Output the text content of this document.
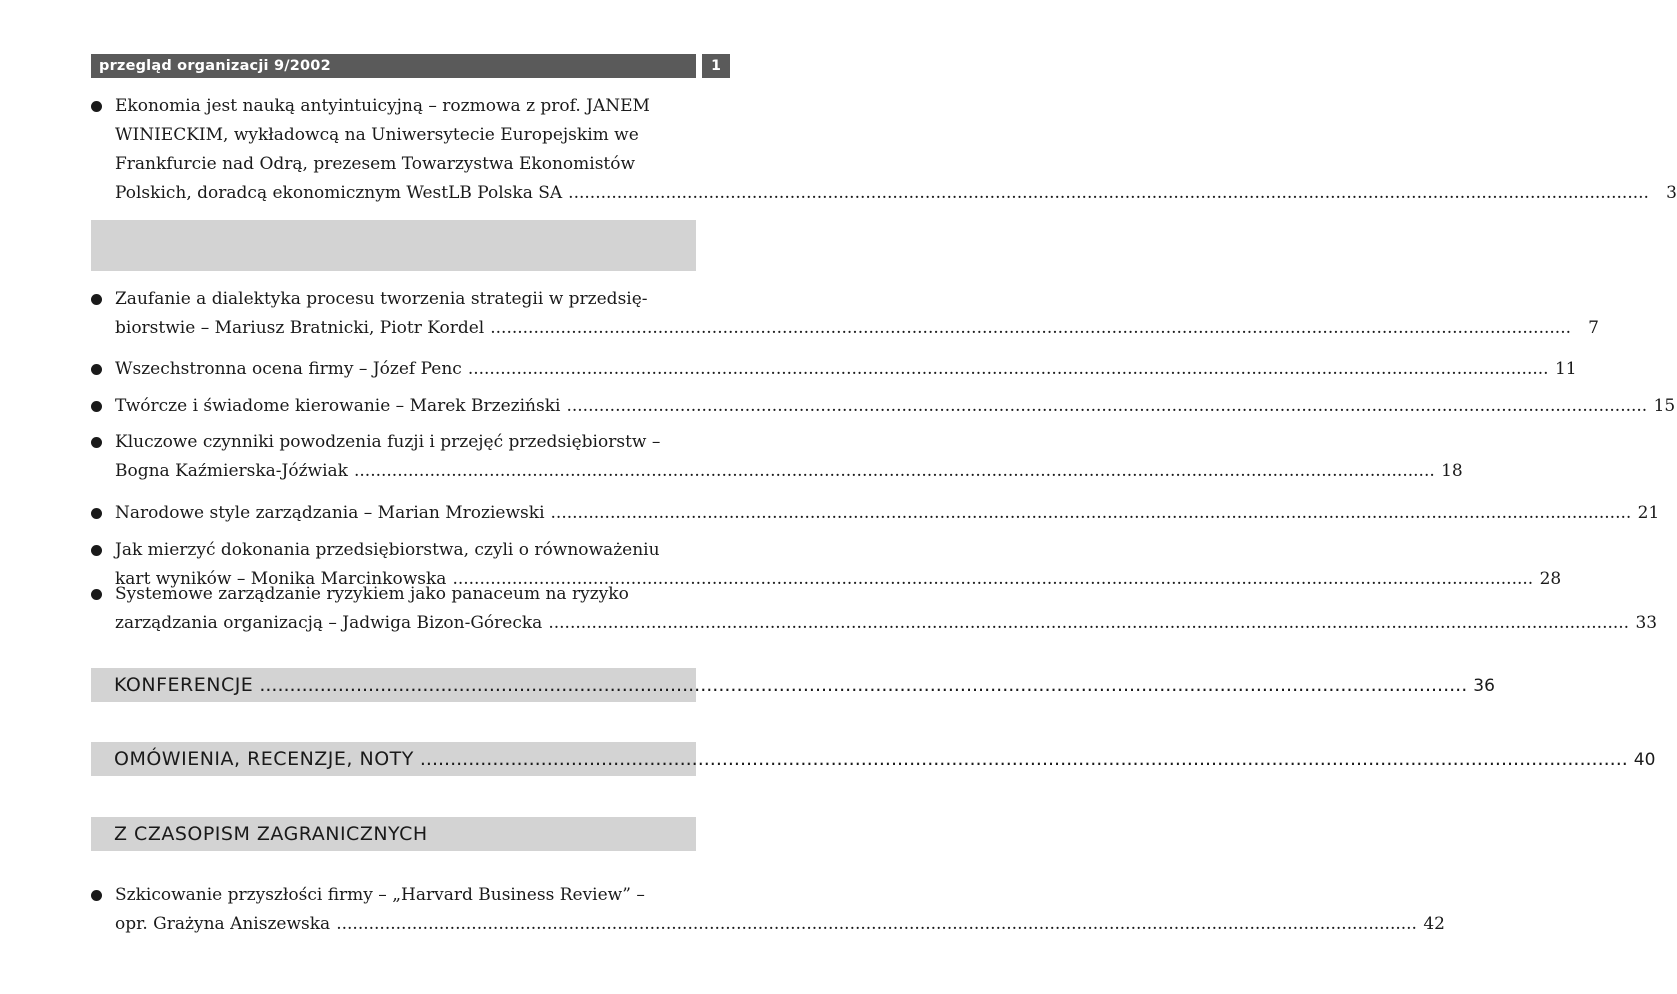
przegląd organizacji 9/2002	1
Ekonomia jest nauką antyintuicyjną – rozmowa z prof. JANEM
WINIECKIM, wykładowcą na Uniwersytecie Europejskim we
Frankfurcie nad Odrą, prezesem Towarzystwa Ekonomistów
Polskich, doradcą ekonomicznym WestLB Polska SA ........................................................................................................................................................................................................	3
Zaufanie a dialektyka procesu tworzenia strategii w przedsię-
biorstwie – Mariusz Bratnicki, Piotr Kordel ........................................................................................................................................................................................................	7
Wszechstronna ocena firmy – Józef Penc ........................................................................................................................................................................................................ 11
Twórcze i świadome kierowanie – Marek Brzeziński ........................................................................................................................................................................................................ 15
Kluczowe czynniki powodzenia fuzji i przejęć przedsiębiorstw –
Bogna Kaźmierska-Jóźwiak ........................................................................................................................................................................................................ 18
Narodowe style zarządzania – Marian Mroziewski ........................................................................................................................................................................................................ 21
Jak mierzyć dokonania przedsiębiorstwa, czyli o równoważeniu
kart wyników – Monika Marcinkowska ........................................................................................................................................................................................................ 28
Systemowe zarządzanie ryzykiem jako panaceum na ryzyko
zarządzania organizacją – Jadwiga Bizon-Górecka ........................................................................................................................................................................................................ 33
KONFERENCJE ........................................................................................................................................................................................................ 36
OMÓWIENIA, RECENZJE, NOTY ........................................................................................................................................................................................................ 40
Z CZASOPISM ZAGRANICZNYCH
Szkicowanie przyszłości firmy – „Harvard Business Review” –
opr. Grażyna Aniszewska ........................................................................................................................................................................................................ 42
